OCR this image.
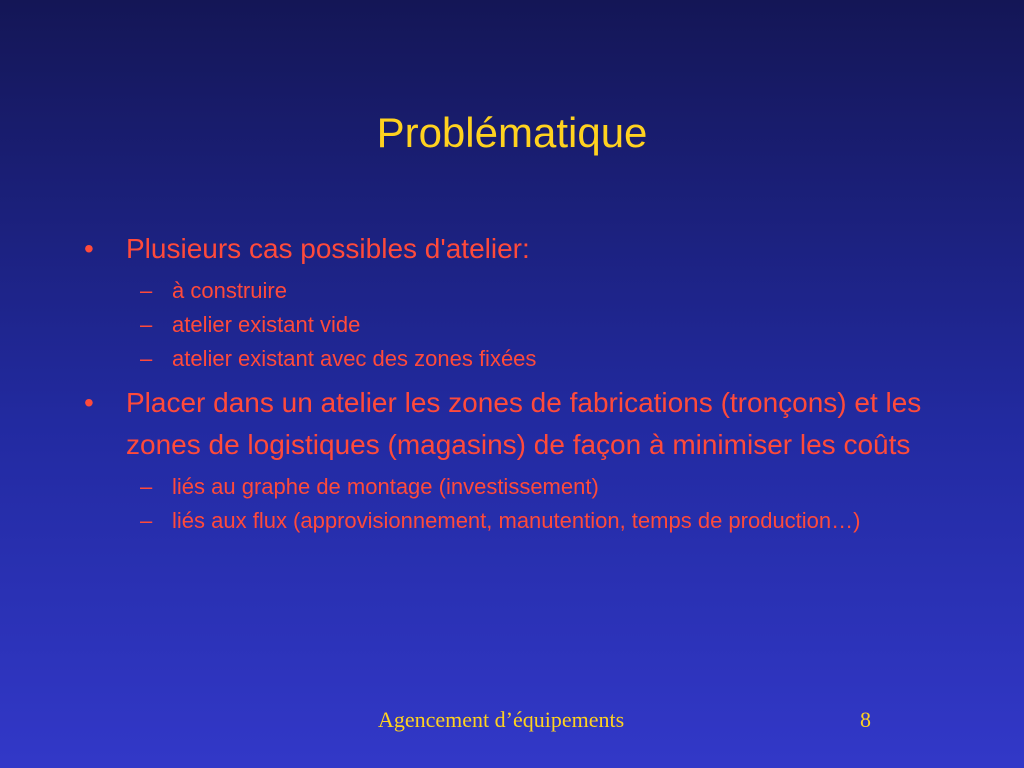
Problématique
•	Plusieurs cas possibles d'atelier:
– à construire
– atelier existant vide
– atelier existant avec des zones fixées
•	Placer dans un atelier les zones de fabrications (tronçons) et les zones de logistiques (magasins) de façon à minimiser les coûts
– liés au graphe de montage (investissement)
– liés aux flux (approvisionnement, manutention, temps de production…)
Agencement d’équipements	8
